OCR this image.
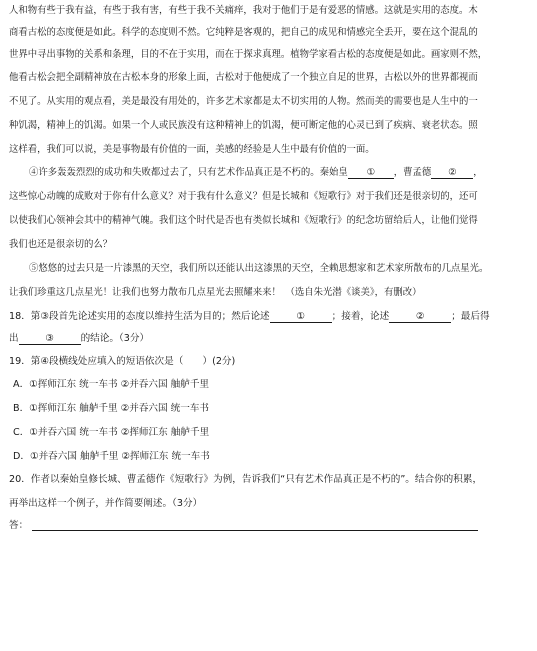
人和物有些于我有益，有些于我有害，有些于我不关痛痒，我对于他们于是有爱恶的情感。这就是实用的态度。木
商看古松的态度便是如此。科学的态度则不然。它纯粹是客观的，把自己的成见和情感完全丢开，要在这个混乱的
世界中寻出事物的关系和条理，目的不在于实用，而在于探求真理。植物学家看古松的态度便是如此。画家则不然，
他看古松会把全副精神放在古松本身的形象上面，古松对于他便成了一个独立自足的世界，古松以外的世界都视而
不见了。从实用的观点看，美是最没有用处的，许多艺术家都是太不切实用的人物。然而美的需要也是人生中的一
种饥渴，精神上的饥渴。如果一个人或民族没有这种精神上的饥渴，便可断定他的心灵已到了疾病、衰老状态。照
这样看，我们可以说，美是事物最有价值的一面，美感的经验是人生中最有价值的一面。
④许多轰轰烈烈的成功和失败都过去了，只有艺术作品真正是不朽的。秦始皇 ① ，曹孟德 ② ，
这些惊心动魄的成败对于你有什么意义？对于我有什么意义？但是长城和《短歌行》对于我们还是很亲切的，还可
以使我们心领神会其中的精神气魄。我们这个时代是否也有类似长城和《短歌行》的纪念坊留给后人，让他们觉得
我们也还是很亲切的么？
⑤悠悠的过去只是一片漆黑的天空，我们所以还能认出这漆黑的天空，全赖思想家和艺术家所散布的几点星光。
让我们珍重这几点星光！让我们也努力散布几点星光去照耀来来！　（选自朱光潜《谈美》，有删改）
18．第③段首先论述实用的态度以维持生活为目的；然后论述	①	；接着，论述	②	；最后得
出	③	的结论。（3分）
19．第④段横线处应填入的短语依次是（　　）(2分)
A．①挥师江东 统一车书 ②并吞六国 舳舻千里
B．①挥师江东 舳舻千里 ②并吞六国 统一车书
C．①并吞六国 统一车书 ②挥师江东 舳舻千里
D．①并吞六国 舳舻千里 ②挥师江东 统一车书
20．作者以秦始皇修长城、曹孟德作《短歌行》为例，告诉我们“只有艺术作品真正是不朽的”。结合你的积累，
再举出这样一个例子，并作简要阐述。（3分）
答：
